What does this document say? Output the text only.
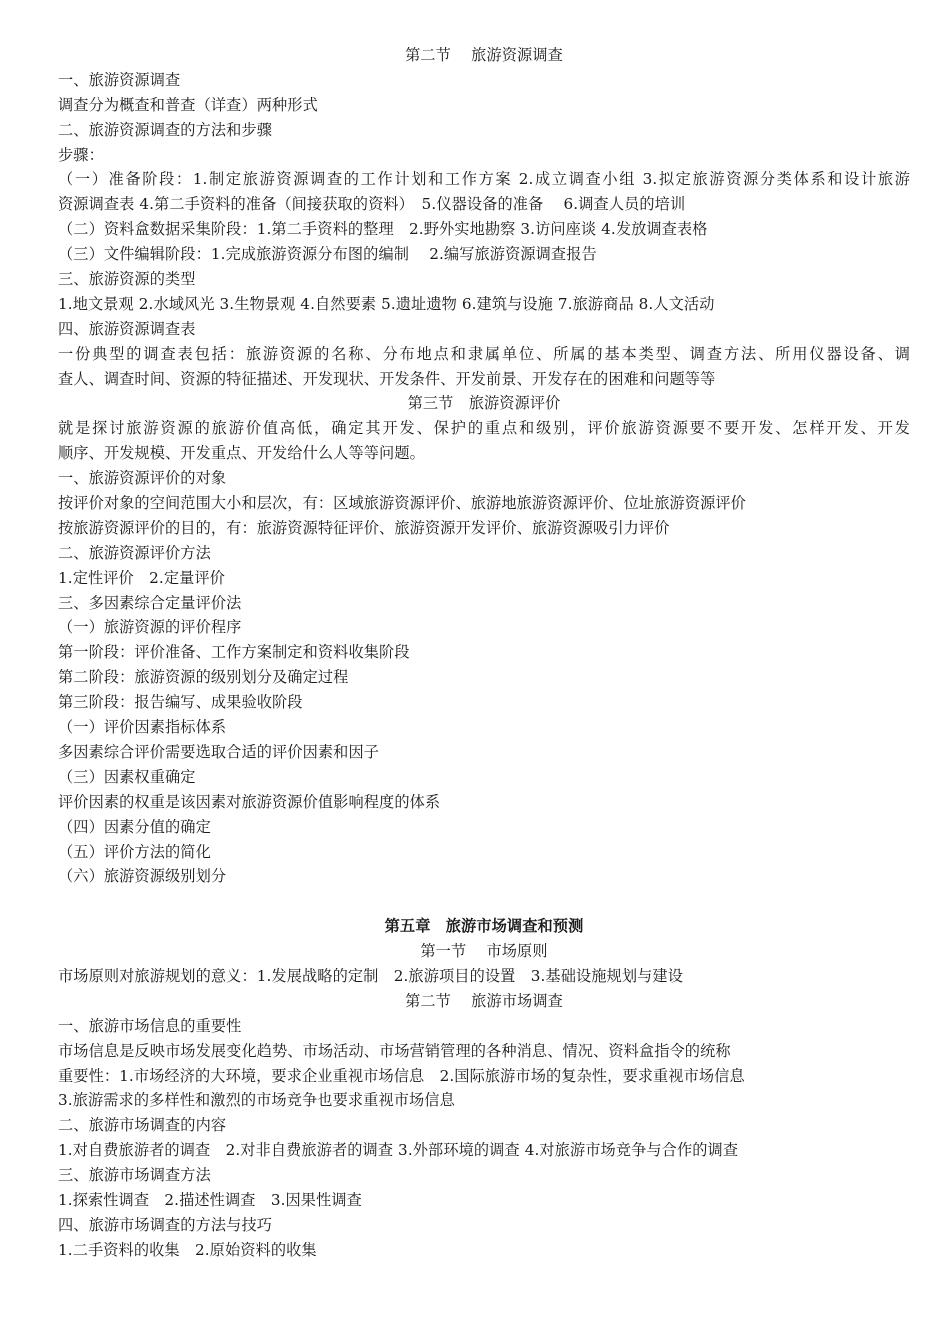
第二节　 旅游资源调查
一、旅游资源调查
调查分为概查和普查（详查）两种形式
二、旅游资源调查的方法和步骤
步骤：
（一）准备阶段：1.制定旅游资源调查的工作计划和工作方案 2.成立调查小组 3.拟定旅游资源分类体系和设计旅游
资源调查表 4.第二手资料的准备（间接获取的资料）　5.仪器设备的准备　 6.调查人员的培训
（二）资料盒数据采集阶段：1.第二手资料的整理　2.野外实地勘察 3.访问座谈 4.发放调查表格
（三）文件编辑阶段：1.完成旅游资源分布图的编制　 2.编写旅游资源调查报告
三、旅游资源的类型
1.地文景观 2.水域风光 3.生物景观 4.自然要素 5.遗址遗物 6.建筑与设施 7.旅游商品 8.人文活动
四、旅游资源调查表
一份典型的调查表包括：旅游资源的名称、分布地点和隶属单位、所属的基本类型、调查方法、所用仪器设备、调
查人、调查时间、资源的特征描述、开发现状、开发条件、开发前景、开发存在的困难和问题等等
第三节　旅游资源评价
就是探讨旅游资源的旅游价值高低，确定其开发、保护的重点和级别，评价旅游资源要不要开发、怎样开发、开发
顺序、开发规模、开发重点、开发给什么人等等问题。
一、旅游资源评价的对象
按评价对象的空间范围大小和层次，有：区域旅游资源评价、旅游地旅游资源评价、位址旅游资源评价
按旅游资源评价的目的，有：旅游资源特征评价、旅游资源开发评价、旅游资源吸引力评价
二、旅游资源评价方法
1.定性评价　2.定量评价
三、多因素综合定量评价法
（一）旅游资源的评价程序
第一阶段：评价准备、工作方案制定和资料收集阶段
第二阶段：旅游资源的级别划分及确定过程
第三阶段：报告编写、成果验收阶段
（一）评价因素指标体系
多因素综合评价需要选取合适的评价因素和因子
（三）因素权重确定
评价因素的权重是该因素对旅游资源价值影响程度的体系
（四）因素分值的确定
（五）评价方法的简化
（六）旅游资源级别划分
第五章　旅游市场调查和预测
第一节　 市场原则
市场原则对旅游规划的意义：1.发展战略的定制　2.旅游项目的设置　3.基础设施规划与建设
第二节　 旅游市场调查
一、旅游市场信息的重要性
市场信息是反映市场发展变化趋势、市场活动、市场营销管理的各种消息、情况、资料盒指令的统称
重要性：1.市场经济的大环境，要求企业重视市场信息　2.国际旅游市场的复杂性，要求重视市场信息
3.旅游需求的多样性和激烈的市场竞争也要求重视市场信息
二、旅游市场调查的内容
1.对自费旅游者的调查　2.对非自费旅游者的调查 3.外部环境的调查 4.对旅游市场竞争与合作的调查
三、旅游市场调查方法
1.探索性调查　2.描述性调查　3.因果性调查
四、旅游市场调查的方法与技巧
1.二手资料的收集　2.原始资料的收集
